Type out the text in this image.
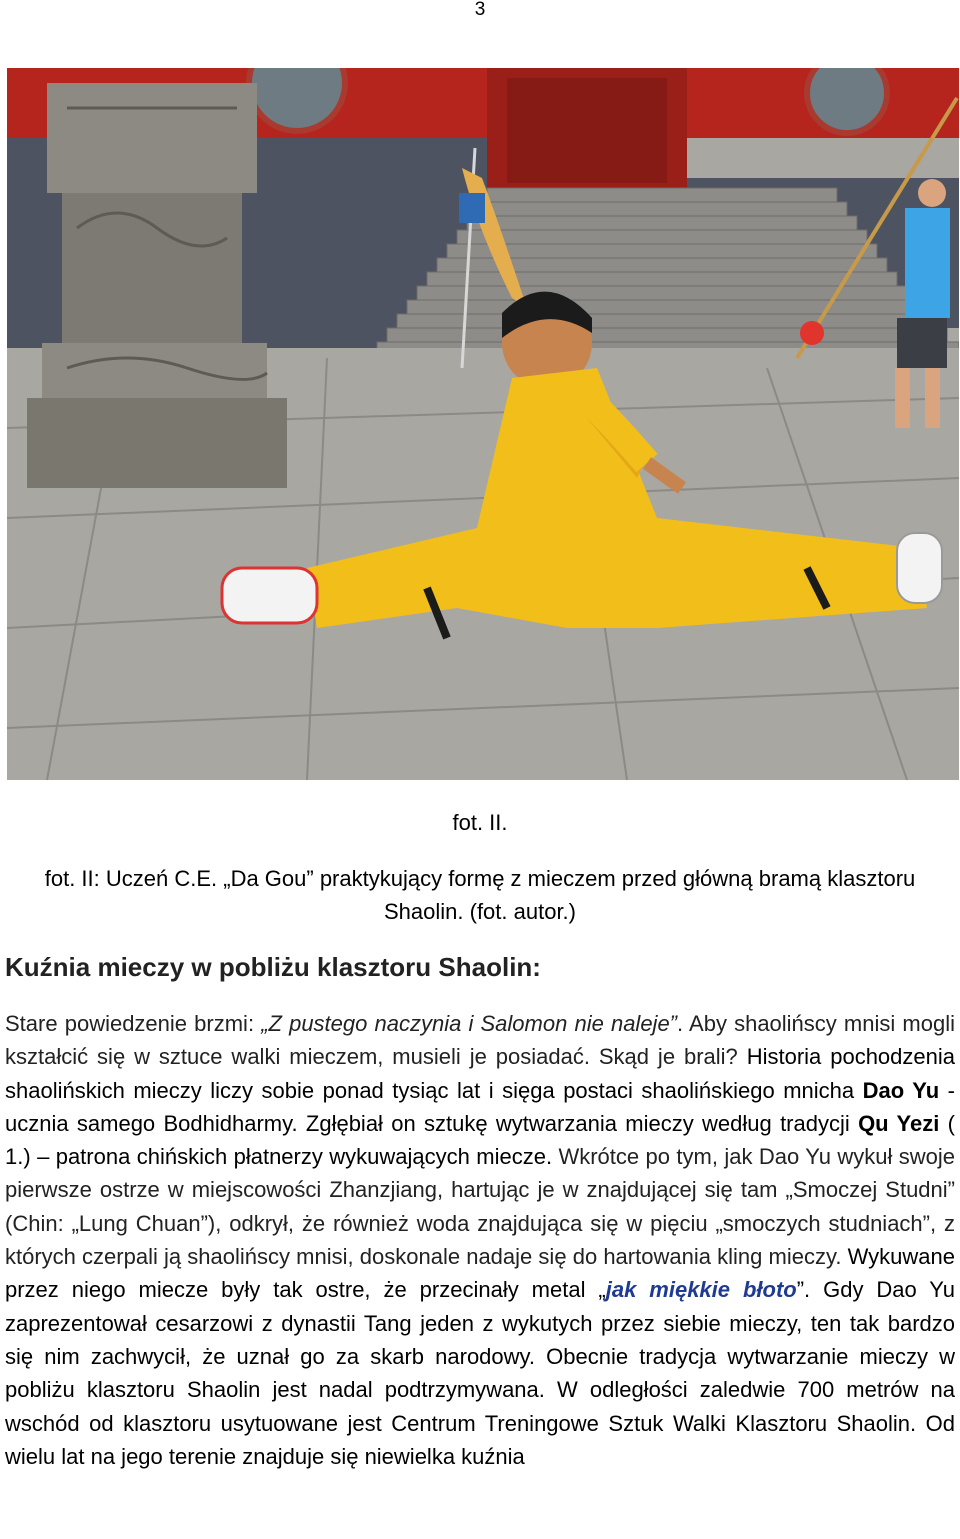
3
fot. II.
fot. II: Uczeń C.E. „Da Gou” praktykujący formę z mieczem przed główną bramą klasztoru Shaolin. (fot. autor.)
Kuźnia mieczy w pobliżu klasztoru Shaolin:
Stare powiedzenie brzmi: „Z pustego naczynia i Salomon nie naleje”. Aby shaolińscy mnisi mogli kształcić się w sztuce walki mieczem, musieli je posiadać. Skąd je brali? Historia pochodzenia shaolińskich mieczy liczy sobie ponad tysiąc lat i sięga postaci shaolińskiego mnicha Dao Yu - ucznia samego Bodhidharmy. Zgłębiał on sztukę wytwarzania mieczy według tradycji Qu Yezi ( 1.) – patrona chińskich płatnerzy wykuwających miecze. Wkrótce po tym, jak Dao Yu wykuł swoje pierwsze ostrze w miejscowości Zhanzjiang, hartując je w znajdującej się tam „Smoczej Studni” (Chin: „Lung Chuan”), odkrył, że również woda znajdująca się w pięciu „smoczych studniach”, z których czerpali ją shaolińscy mnisi, doskonale nadaje się do hartowania kling mieczy. Wykuwane przez niego miecze były tak ostre, że przecinały metal „jak miękkie błoto”. Gdy Dao Yu zaprezentował cesarzowi z dynastii Tang jeden z wykutych przez siebie mieczy, ten tak bardzo się nim zachwycił, że uznał go za skarb narodowy. Obecnie tradycja wytwarzanie mieczy w pobliżu klasztoru Shaolin jest nadal podtrzymywana. W odległości zaledwie 700 metrów na wschód od klasztoru usytuowane jest Centrum Treningowe Sztuk Walki Klasztoru Shaolin. Od wielu lat na jego terenie znajduje się niewielka kuźnia
